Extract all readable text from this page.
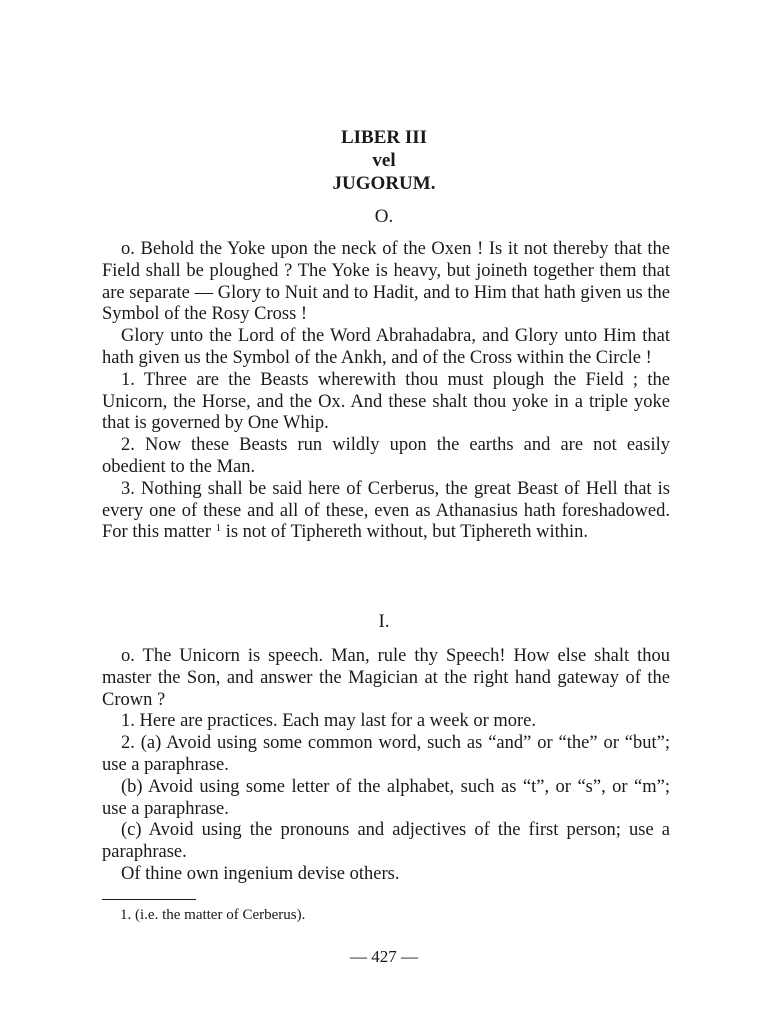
LIBER III
vel
JUGORUM.
O.

o. Behold the Yoke upon the neck of the Oxen ! Is it not thereby that the Field shall be ploughed ? The Yoke is heavy, but joineth together them that are separate — Glory to Nuit and to Hadit, and to Him that hath given us the Symbol of the Rosy Cross !

Glory unto the Lord of the Word Abrahadabra, and Glory unto Him that hath given us the Symbol of the Ankh, and of the Cross within the Circle !

1. Three are the Beasts wherewith thou must plough the Field ; the Unicorn, the Horse, and the Ox. And these shalt thou yoke in a triple yoke that is governed by One Whip.

2. Now these Beasts run wildly upon the earths and are not easily obedient to the Man.

3. Nothing shall be said here of Cerberus, the great Beast of Hell that is every one of these and all of these, even as Athanasius hath foreshadowed. For this matter $^1$ is not of Tiphereth without, but Tiphereth within.

I.

o. The Unicorn is speech. Man, rule thy Speech! How else shalt thou master the Son, and answer the Magician at the right hand gateway of the Crown ?

1. Here are practices. Each may last for a week or more.

2. (a) Avoid using some common word, such as “and” or “the” or “but”; use a paraphrase.

(b) Avoid using some letter of the alphabet, such as “t”, or “s”, or “m”; use a paraphrase.

(c) Avoid using the pronouns and adjectives of the first person; use a paraphrase.

Of thine own ingenium devise others.

1. (i.e. the matter of Cerberus).
— 427 —
